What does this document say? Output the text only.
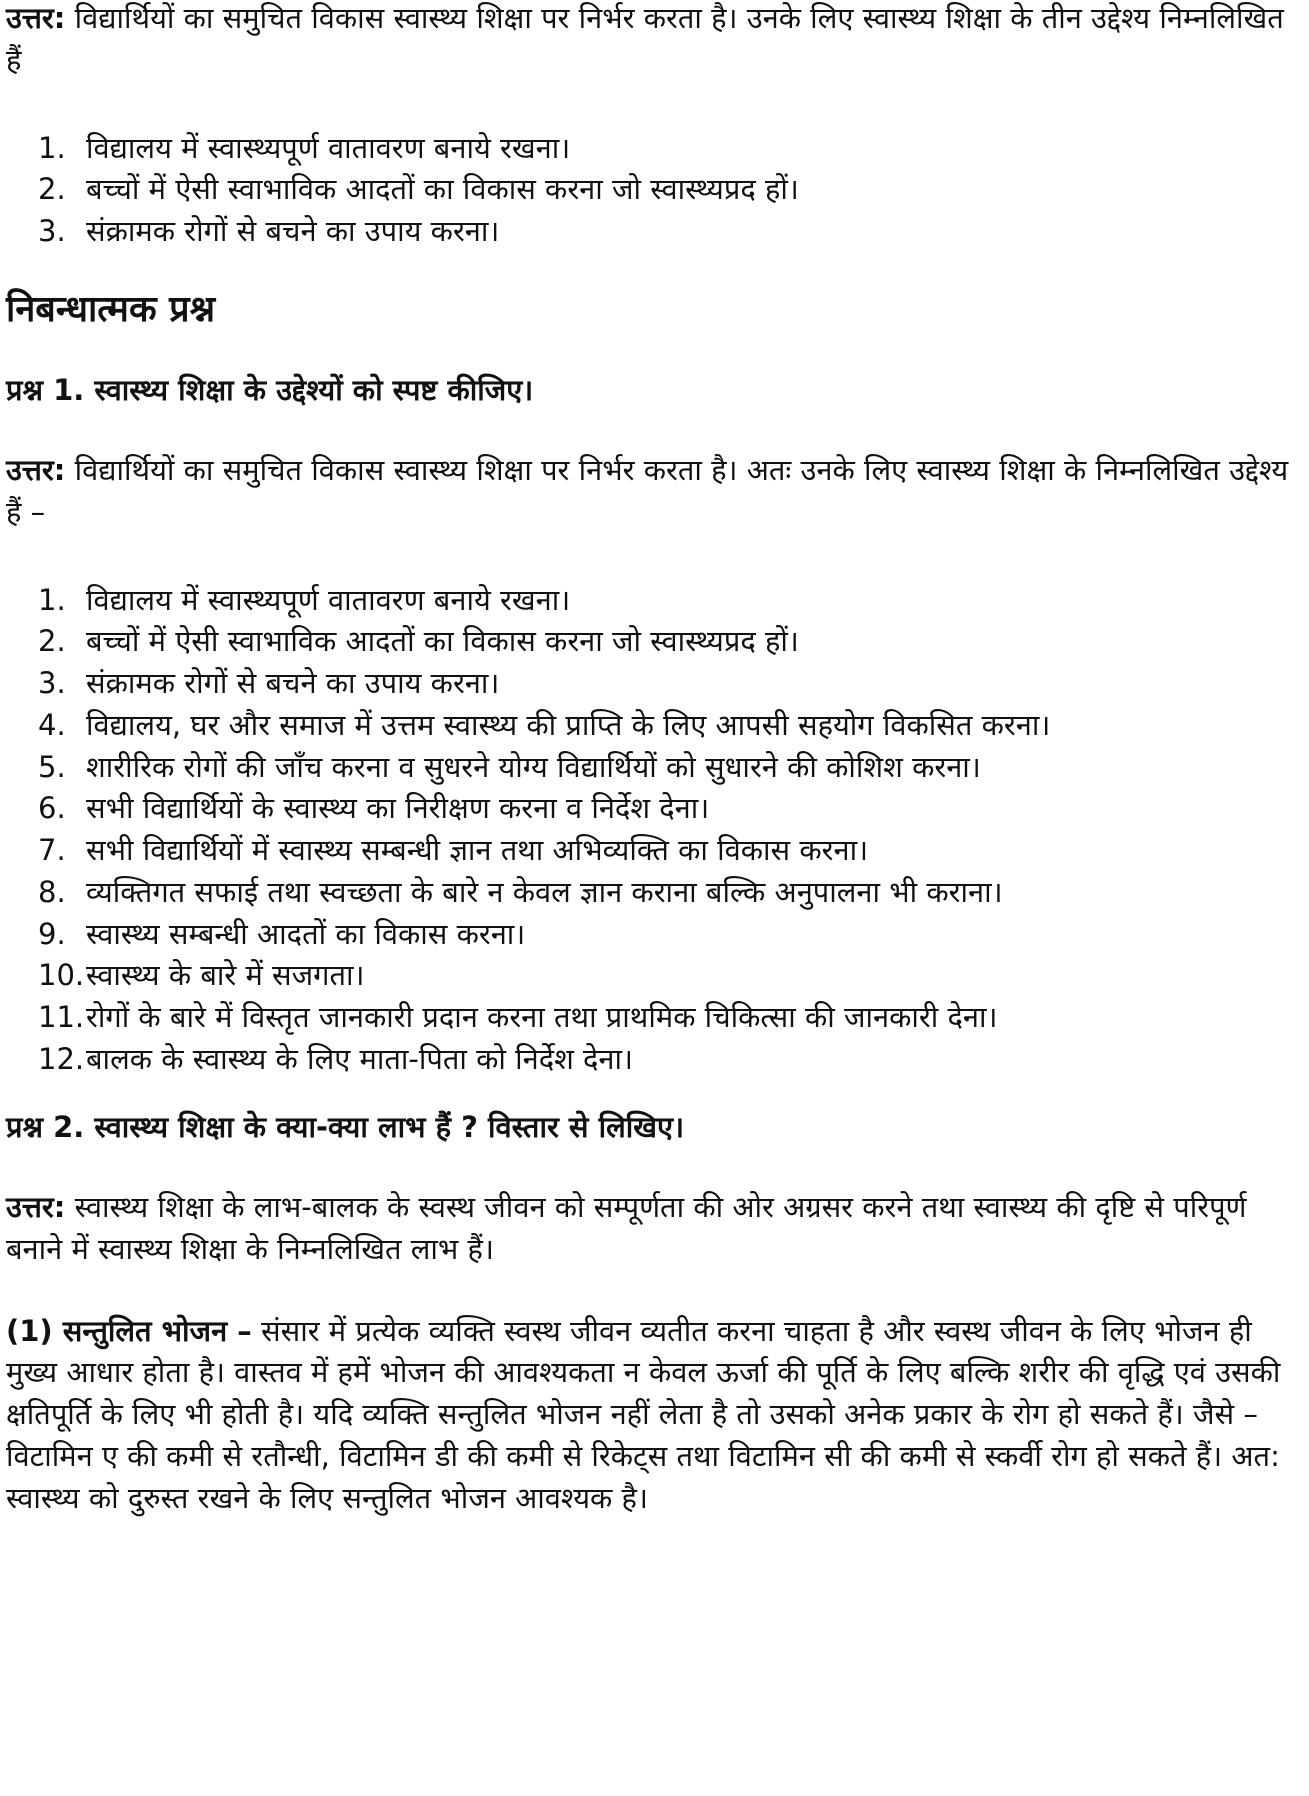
उत्तर: विद्यार्थियों का समुचित विकास स्वास्थ्य शिक्षा पर निर्भर करता है। उनके लिए स्वास्थ्य शिक्षा के तीन उद्देश्य निम्नलिखित हैं

1. विद्यालय में स्वास्थ्यपूर्ण वातावरण बनाये रखना।
2. बच्चों में ऐसी स्वाभाविक आदतों का विकास करना जो स्वास्थ्यप्रद हों।
3. संक्रामक रोगों से बचने का उपाय करना।
निबन्धात्मक प्रश्न
प्रश्न 1. स्वास्थ्य शिक्षा के उद्देश्यों को स्पष्ट कीजिए।

उत्तर: विद्यार्थियों का समुचित विकास स्वास्थ्य शिक्षा पर निर्भर करता है। अतः उनके लिए स्वास्थ्य शिक्षा के निम्नलिखित उद्देश्य हैं –

1. विद्यालय में स्वास्थ्यपूर्ण वातावरण बनाये रखना।
2. बच्चों में ऐसी स्वाभाविक आदतों का विकास करना जो स्वास्थ्यप्रद हों।
3. संक्रामक रोगों से बचने का उपाय करना।
4. विद्यालय, घर और समाज में उत्तम स्वास्थ्य की प्राप्ति के लिए आपसी सहयोग विकसित करना।
5. शारीरिक रोगों की जाँच करना व सुधरने योग्य विद्यार्थियों को सुधारने की कोशिश करना।
6. सभी विद्यार्थियों के स्वास्थ्य का निरीक्षण करना व निर्देश देना।
7. सभी विद्यार्थियों में स्वास्थ्य सम्बन्धी ज्ञान तथा अभिव्यक्ति का विकास करना।
8. व्यक्तिगत सफाई तथा स्वच्छता के बारे न केवल ज्ञान कराना बल्कि अनुपालना भी कराना।
9. स्वास्थ्य सम्बन्धी आदतों का विकास करना।
10. स्वास्थ्य के बारे में सजगता।
11. रोगों के बारे में विस्तृत जानकारी प्रदान करना तथा प्राथमिक चिकित्सा की जानकारी देना।
12. बालक के स्वास्थ्य के लिए माता-पिता को निर्देश देना।
प्रश्न 2. स्वास्थ्य शिक्षा के क्या-क्या लाभ हैं ? विस्तार से लिखिए।

उत्तर: स्वास्थ्य शिक्षा के लाभ-बालक के स्वस्थ जीवन को सम्पूर्णता की ओर अग्रसर करने तथा स्वास्थ्य की दृष्टि से परिपूर्ण बनाने में स्वास्थ्य शिक्षा के निम्नलिखित लाभ हैं।

(1) सन्तुलित भोजन – संसार में प्रत्येक व्यक्ति स्वस्थ जीवन व्यतीत करना चाहता है और स्वस्थ जीवन के लिए भोजन ही मुख्य आधार होता है। वास्तव में हमें भोजन की आवश्यकता न केवल ऊर्जा की पूर्ति के लिए बल्कि शरीर की वृद्धि एवं उसकी क्षतिपूर्ति के लिए भी होती है। यदि व्यक्ति सन्तुलित भोजन नहीं लेता है तो उसको अनेक प्रकार के रोग हो सकते हैं। जैसे – विटामिन ए की कमी से रतौन्धी, विटामिन डी की कमी से रिकेट्स तथा विटामिन सी की कमी से स्कर्वी रोग हो सकते हैं। अत: स्वास्थ्य को दुरुस्त रखने के लिए सन्तुलित भोजन आवश्यक है।
